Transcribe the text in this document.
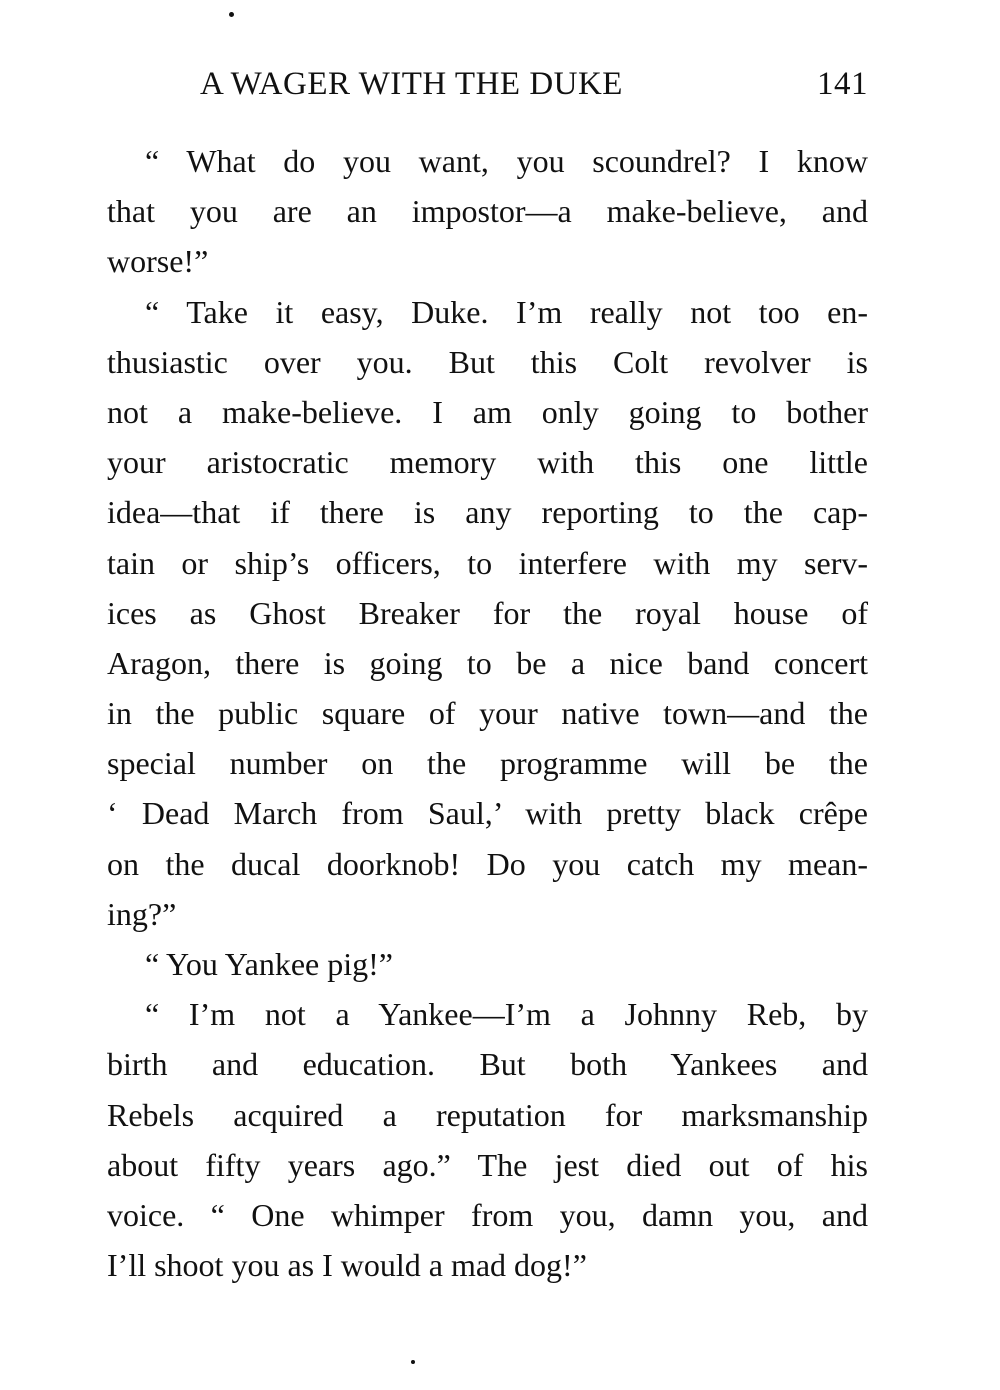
A WAGER WITH THE DUKE	141
“ What do you want, you scoundrel? I know
that you are an impostor—a make-believe, and
worse!”
“ Take it easy, Duke. I’m really not too en-
thusiastic over you. But this Colt revolver is
not a make-believe. I am only going to bother
your aristocratic memory with this one little
idea—that if there is any reporting to the cap-
tain or ship’s officers, to interfere with my serv-
ices as Ghost Breaker for the royal house of
Aragon, there is going to be a nice band concert
in the public square of your native town—and the
special number on the programme will be the
‘ Dead March from Saul,’ with pretty black crêpe
on the ducal doorknob! Do you catch my mean-
ing?”
“ You Yankee pig!”
“ I’m not a Yankee—I’m a Johnny Reb, by
birth and education. But both Yankees and
Rebels acquired a reputation for marksmanship
about fifty years ago.” The jest died out of his
voice. “ One whimper from you, damn you, and
I’ll shoot you as I would a mad dog!”
